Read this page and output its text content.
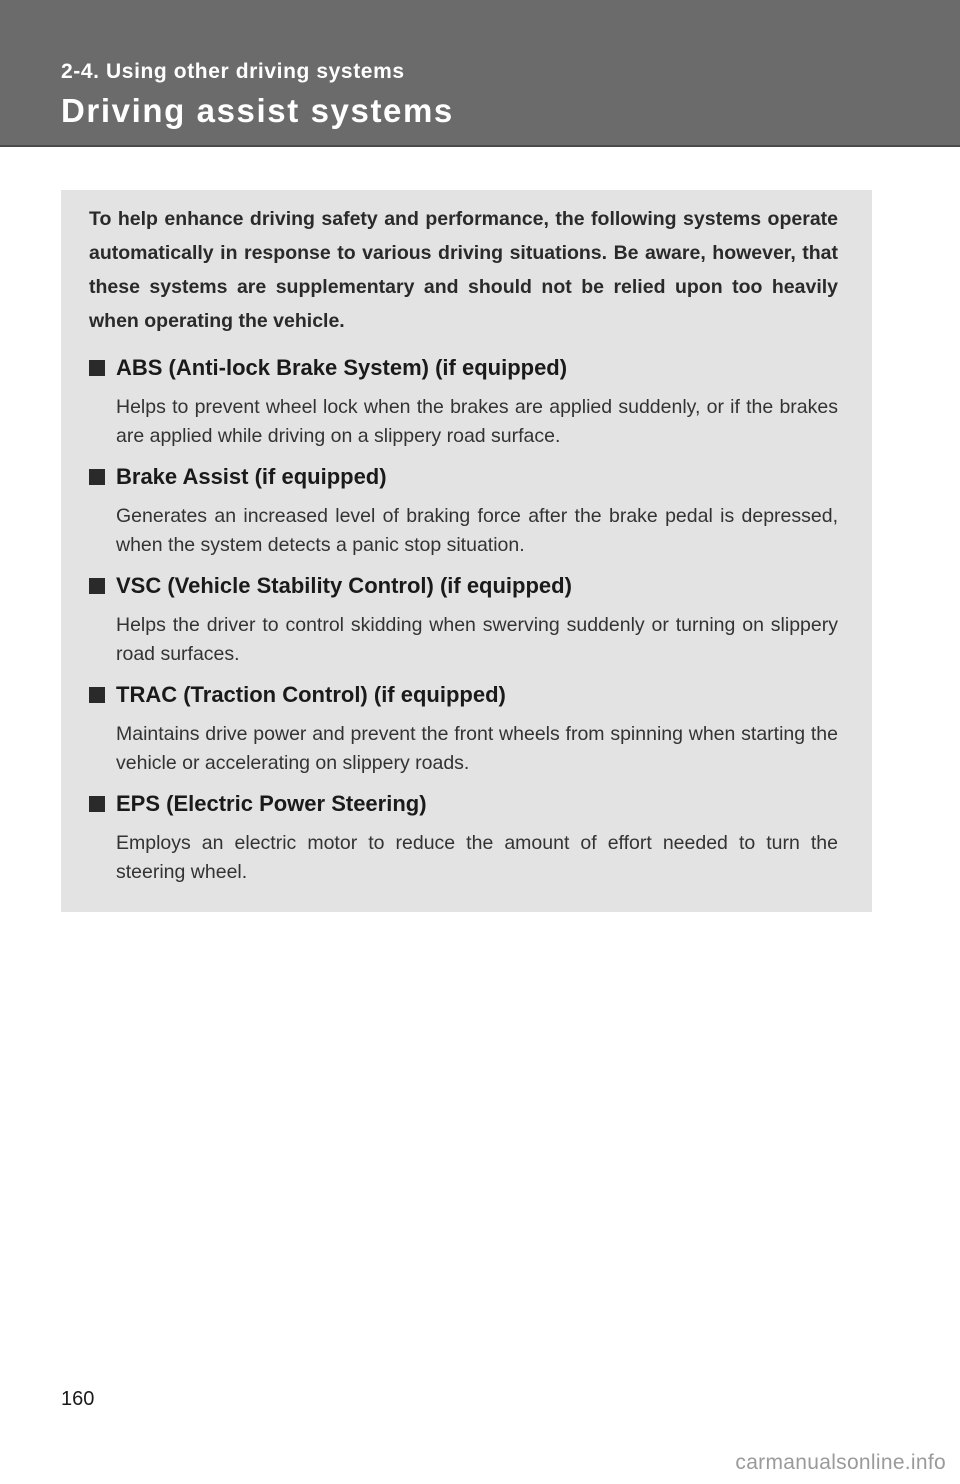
2-4. Using other driving systems
Driving assist systems
To help enhance driving safety and performance, the following systems operate automatically in response to various driving situations. Be aware, however, that these systems are supplementary and should not be relied upon too heavily when operating the vehicle.
ABS (Anti-lock Brake System) (if equipped)
Helps to prevent wheel lock when the brakes are applied suddenly, or if the brakes are applied while driving on a slippery road surface.
Brake Assist (if equipped)
Generates an increased level of braking force after the brake pedal is depressed, when the system detects a panic stop situation.
VSC (Vehicle Stability Control) (if equipped)
Helps the driver to control skidding when swerving suddenly or turning on slippery road surfaces.
TRAC (Traction Control) (if equipped)
Maintains drive power and prevent the front wheels from spinning when starting the vehicle or accelerating on slippery roads.
EPS (Electric Power Steering)
Employs an electric motor to reduce the amount of effort needed to turn the steering wheel.
160
carmanualsonline.info
